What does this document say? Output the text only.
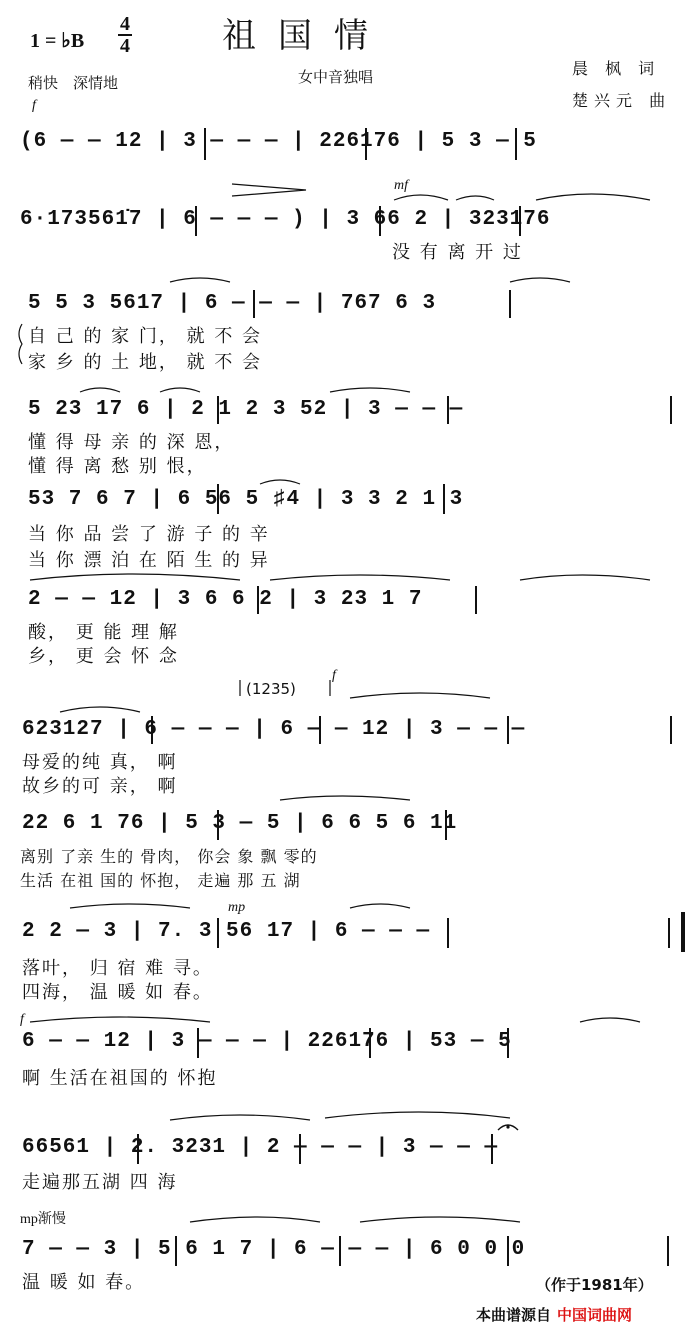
1 = ♭B
4
4	祖国情
晨 枫 词
楚兴元 曲
稍快　深情地	女中音独唱
f
mf
f
mp
f
mp渐慢
(6 — — 12 | 3 — — — | 226176 | 5 3 — 5
6·173561̇7 | 6 — — — ) | 3 66 2 | 323176
没 有 离 开 过
5 5 3 5617 | 6 — — — | 767 6 3
自 己 的 家 门， 就 不 会
家 乡 的 土 地， 就 不 会
5 23 17 6 | 2 1 2 3 52 | 3 — — —
懂 得 母 亲 的 深 恩，
懂 得 离 愁 别 恨，
53 7 6 7 | 6 56 5 ♯4 | 3 3 2 1 3
当 你 品 尝 了 游 子 的 辛
当 你 漂 泊 在 陌 生 的 异
2 — — 12 | 3 6 6 2 | 3 23 1 7
酸， 更 能 理 解
乡， 更 会 怀 念
(1235)
623127 | 6 — — — | 6 — — 12 | 3 — — —
母爱的纯 真， 啊
故乡的可 亲， 啊
22 6 1 76 | 5 3 — 5 | 6 6 5 6 11
离别 了亲 生的 骨肉， 你会 象 飘 零的
生活 在祖 国的 怀抱， 走遍 那 五 湖
2 2 — 3 | 7. 3 56 17 | 6 — — —
落叶， 归 宿 难 寻。
四海， 温 暖 如 春。
6 — — 12 | 3 — — — | 226176 | 53 — 5
啊 生活在祖国的 怀抱
66561 | 2. 3231 | 2 — — — | 3 — — —
走遍那五湖 四 海
7 — — 3 | 5 6 1 7 | 6 — — — | 6 0 0 0
温 暖 如 春。	（作于1981年）
本曲谱源自 中国词曲网
